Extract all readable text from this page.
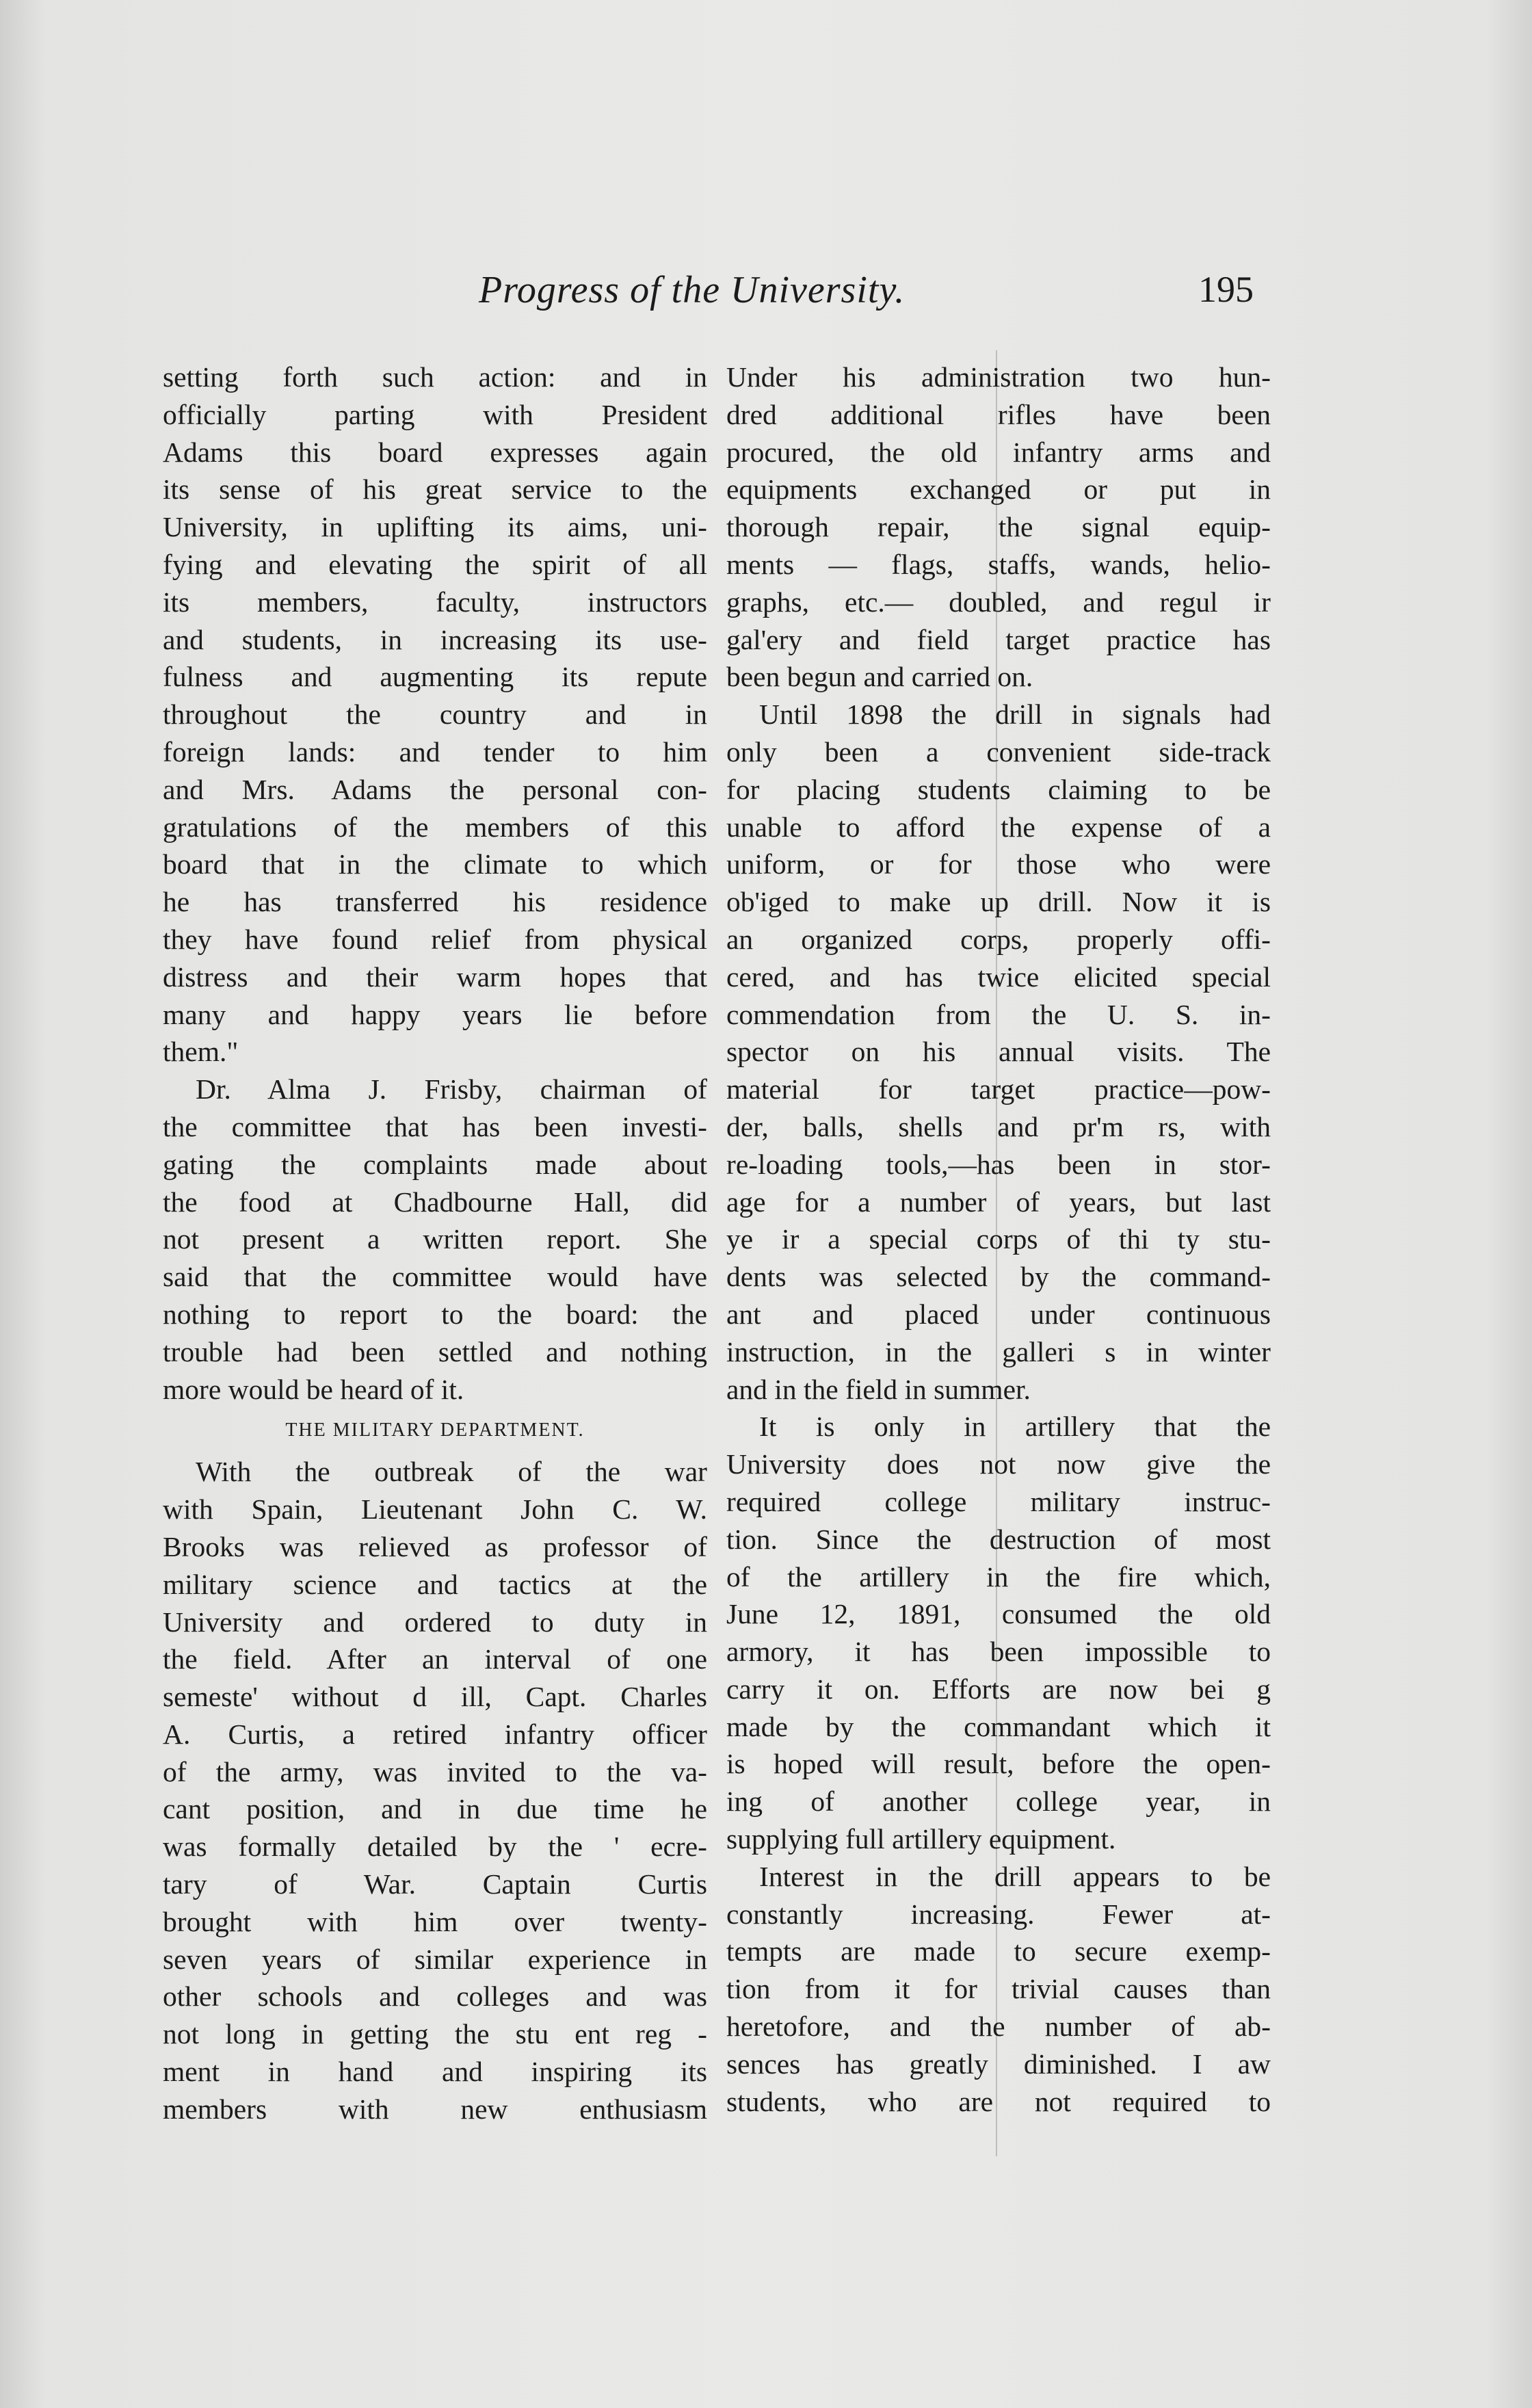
Progress of the University.	195
setting forth such action: and in
officially parting with President
Adams this board expresses again
its sense of his great service to the
University, in uplifting its aims, uni-
fying and elevating the spirit of all
its members, faculty, instructors
and students, in increasing its use-
fulness and augmenting its repute
throughout the country and in
foreign lands: and tender to him
and Mrs. Adams the personal con-
gratulations of the members of this
board that in the climate to which
he has transferred his residence
they have found relief from physical
distress and their warm hopes that
many and happy years lie before
them."
Dr. Alma J. Frisby, chairman of
the committee that has been investi-
gating the complaints made about
the food at Chadbourne Hall, did
not present a written report. She
said that the committee would have
nothing to report to the board: the
trouble had been settled and nothing
more would be heard of it.
THE MILITARY DEPARTMENT.
With the outbreak of the war
with Spain, Lieutenant John C. W.
Brooks was relieved as professor of
military science and tactics at the
University and ordered to duty in
the field. After an interval of one
semeste' without d ill, Capt. Charles
A. Curtis, a retired infantry officer
of the army, was invited to the va-
cant position, and in due time he
was formally detailed by the ' ecre-
tary of War. Captain Curtis
brought with him over twenty-
seven years of similar experience in
other schools and colleges and was
not long in getting the stu ent reg -
ment in hand and inspiring its
members with new enthusiasm
Under his administration two hun-
dred additional rifles have been
procured, the old infantry arms and
equipments exchanged or put in
thorough repair, the signal equip-
ments — flags, staffs, wands, helio-
graphs, etc.— doubled, and regul ir
gal'ery and field target practice has
been begun and carried on.
Until 1898 the drill in signals had
only been a convenient side-track
for placing students claiming to be
unable to afford the expense of a
uniform, or for those who were
ob'iged to make up drill. Now it is
an organized corps, properly offi-
cered, and has twice elicited special
commendation from the U. S. in-
spector on his annual visits. The
material for target practice—pow-
der, balls, shells and pr'm rs, with
re-loading tools,—has been in stor-
age for a number of years, but last
ye ir a special corps of thi ty stu-
dents was selected by the command-
ant and placed under continuous
instruction, in the galleri s in winter
and in the field in summer.
It is only in artillery that the
University does not now give the
required college military instruc-
tion. Since the destruction of most
of the artillery in the fire which,
June 12, 1891, consumed the old
armory, it has been impossible to
carry it on. Efforts are now bei g
made by the commandant which it
is hoped will result, before the open-
ing of another college year, in
supplying full artillery equipment.
Interest in the drill appears to be
constantly increasing. Fewer at-
tempts are made to secure exemp-
tion from it for trivial causes than
heretofore, and the number of ab-
sences has greatly diminished. I aw
students, who are not required to
